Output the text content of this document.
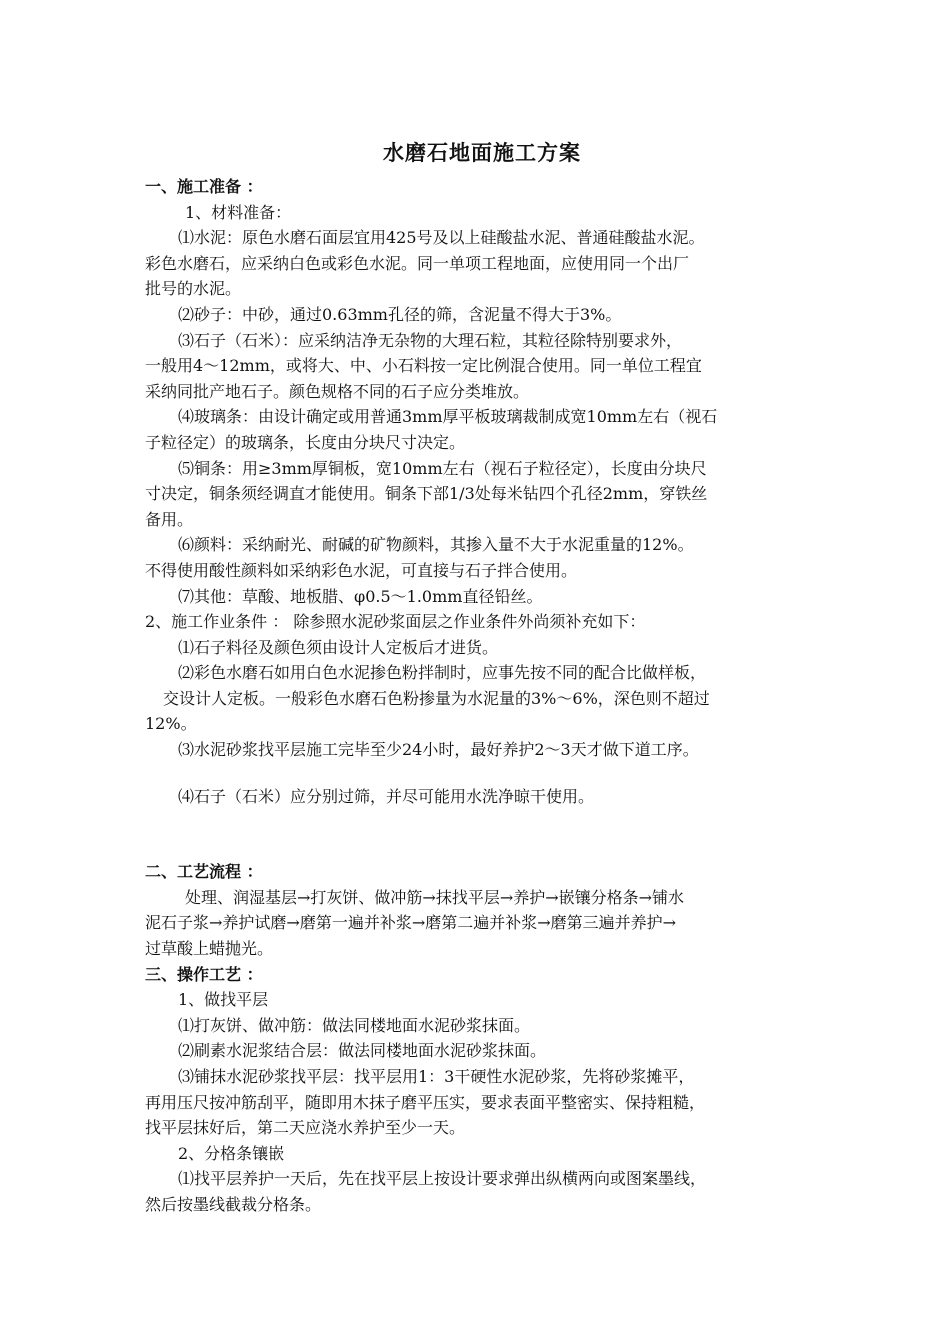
水磨石地面施工方案

一、施工准备 ：

1、材料准备：

⑴水泥：原色水磨石面层宜用425号及以上硅酸盐水泥、普通硅酸盐水泥。

彩色水磨石，应采纳白色或彩色水泥。同一单项工程地面，应使用同一个出厂

批号的水泥。

⑵砂子：中砂，通过0.63mm孔径的筛，含泥量不得大于3%。

⑶石子（石米）：应采纳洁净无杂物的大理石粒，其粒径除特别要求外，

一般用4～12mm，或将大、中、小石料按一定比例混合使用。同一单位工程宜

采纳同批产地石子。颜色规格不同的石子应分类堆放。

⑷玻璃条：由设计确定或用普通3mm厚平板玻璃裁制成宽10mm左右（视石

子粒径定）的玻璃条，长度由分块尺寸决定。

⑸铜条：用≥3mm厚铜板，宽10mm左右（视石子粒径定），长度由分块尺

寸决定，铜条须经调直才能使用。铜条下部1/3处每米钻四个孔径2mm，穿铁丝

备用。

⑹颜料：采纳耐光、耐碱的矿物颜料，其掺入量不大于水泥重量的12%。

不得使用酸性颜料如采纳彩色水泥，可直接与石子拌合使用。

⑺其他：草酸、地板腊、φ0.5～1.0mm直径铅丝。

2、施工作业条件 ： 除参照水泥砂浆面层之作业条件外尚须补充如下：

⑴石子料径及颜色须由设计人定板后才进货。

⑵彩色水磨石如用白色水泥掺色粉拌制时，应事先按不同的配合比做样板，

交设计人定板。一般彩色水磨石色粉掺量为水泥量的3%～6%，深色则不超过

12%。

⑶水泥砂浆找平层施工完毕至少24小时，最好养护2～3天才做下道工序。

⑷石子（石米）应分别过筛，并尽可能用水洗净晾干使用。

二、工艺流程 ：

处理、润湿基层→打灰饼、做冲筋→抹找平层→养护→嵌镶分格条→铺水

泥石子浆→养护试磨→磨第一遍并补浆→磨第二遍并补浆→磨第三遍并养护→

过草酸上蜡抛光。

三、操作工艺 ：

1、做找平层

⑴打灰饼、做冲筋：做法同楼地面水泥砂浆抹面。

⑵刷素水泥浆结合层：做法同楼地面水泥砂浆抹面。

⑶铺抹水泥砂浆找平层：找平层用1：3干硬性水泥砂浆，先将砂浆摊平，

再用压尺按冲筋刮平，随即用木抹子磨平压实，要求表面平整密实、保持粗糙，

找平层抹好后，第二天应浇水养护至少一天。

2、分格条镶嵌

⑴找平层养护一天后，先在找平层上按设计要求弹出纵横两向或图案墨线，

然后按墨线截裁分格条。
